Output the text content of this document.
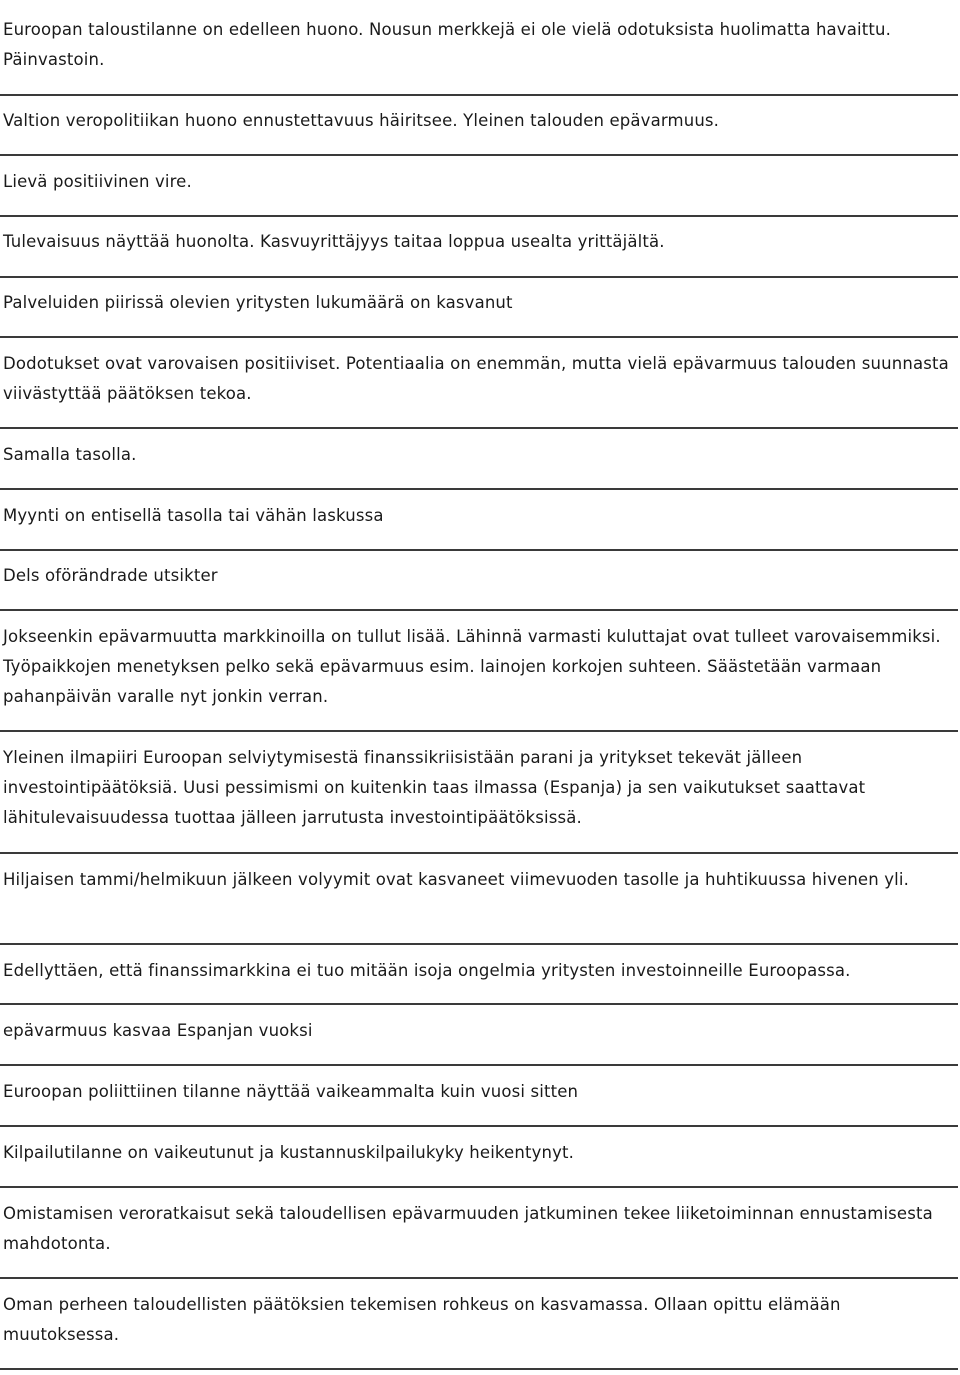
Euroopan taloustilanne on edelleen huono. Nousun merkkejä ei ole vielä odotuksista huolimatta havaittu. Päinvastoin.
Valtion veropolitiikan huono ennustettavuus häiritsee. Yleinen talouden epävarmuus.
Lievä positiivinen vire.
Tulevaisuus näyttää huonolta. Kasvuyrittäjyys taitaa loppua usealta yrittäjältä.
Palveluiden piirissä olevien yritysten lukumäärä on kasvanut
Dodotukset ovat varovaisen positiiviset. Potentiaalia on enemmän, mutta vielä epävarmuus talouden suunnasta viivästyttää päätöksen tekoa.
Samalla tasolla.
Myynti on entisellä tasolla tai vähän laskussa
Dels oförändrade utsikter
Jokseenkin epävarmuutta markkinoilla on tullut lisää. Lähinnä varmasti kuluttajat ovat tulleet varovaisemmiksi. Työpaikkojen menetyksen pelko sekä epävarmuus esim. lainojen korkojen suhteen. Säästetään varmaan pahanpäivän varalle nyt jonkin verran.
Yleinen ilmapiiri Euroopan selviytymisestä finanssikriisistään parani ja yritykset tekevät jälleen investointipäätöksiä. Uusi pessimismi on kuitenkin taas ilmassa (Espanja) ja sen vaikutukset saattavat lähitulevaisuudessa tuottaa jälleen jarrutusta investointipäätöksissä.
Hiljaisen tammi/helmikuun jälkeen volyymit ovat kasvaneet viimevuoden tasolle ja huhtikuussa hivenen yli.
Edellyttäen, että finanssimarkkina ei tuo mitään isoja ongelmia yritysten investoinneille Euroopassa.
epävarmuus kasvaa Espanjan vuoksi
Euroopan poliittiinen tilanne näyttää vaikeammalta kuin vuosi sitten
Kilpailutilanne on vaikeutunut ja kustannuskilpailukyky heikentynyt.
Omistamisen veroratkaisut sekä taloudellisen epävarmuuden jatkuminen tekee liiketoiminnan ennustamisesta mahdotonta.
Oman perheen taloudellisten päätöksien tekemisen rohkeus on kasvamassa. Ollaan opittu elämään muutoksessa.
